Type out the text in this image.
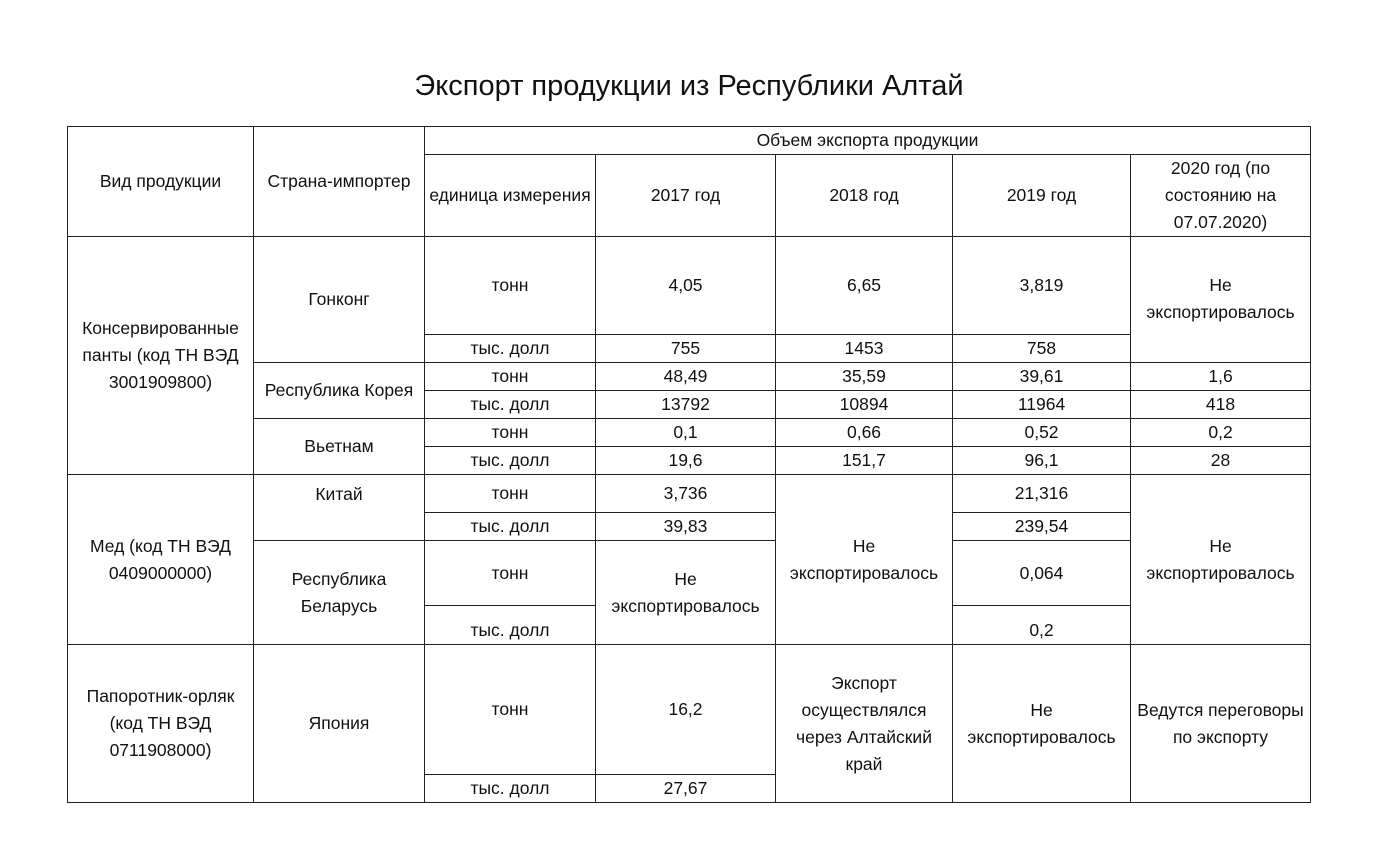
Экспорт продукции из Республики Алтай
Вид продукции	Страна-импортер	Объем экспорта продукции				
		единица измерения	2017 год	2018 год	2019 год	2020 год (по состоянию на 07.07.2020)
Консервированные панты (код ТН ВЭД 3001909800)	Гонконг	тонн	4,05	6,65	3,819	Не экспортировалось
		тыс. долл	755	1453	758	
	Республика Корея	тонн	48,49	35,59	39,61	1,6
		тыс. долл	13792	10894	11964	418
	Вьетнам	тонн	0,1	0,66	0,52	0,2
		тыс. долл	19,6	151,7	96,1	28
Мед (код ТН ВЭД 0409000000)	Китай	тонн	3,736	Не экспортировалось	21,316	Не экспортировалось
		тыс. долл	39,83		239,54	
	Республика Беларусь	тонн	Не экспортировалось		0,064	
		тыс. долл			0,2	
Папоротник-орляк (код ТН ВЭД 0711908000)	Япония	тонн	16,2	Экспорт осуществлялся через Алтайский край	Не экспортировалось	Ведутся переговоры по экспорту
		тыс. долл	27,67			
